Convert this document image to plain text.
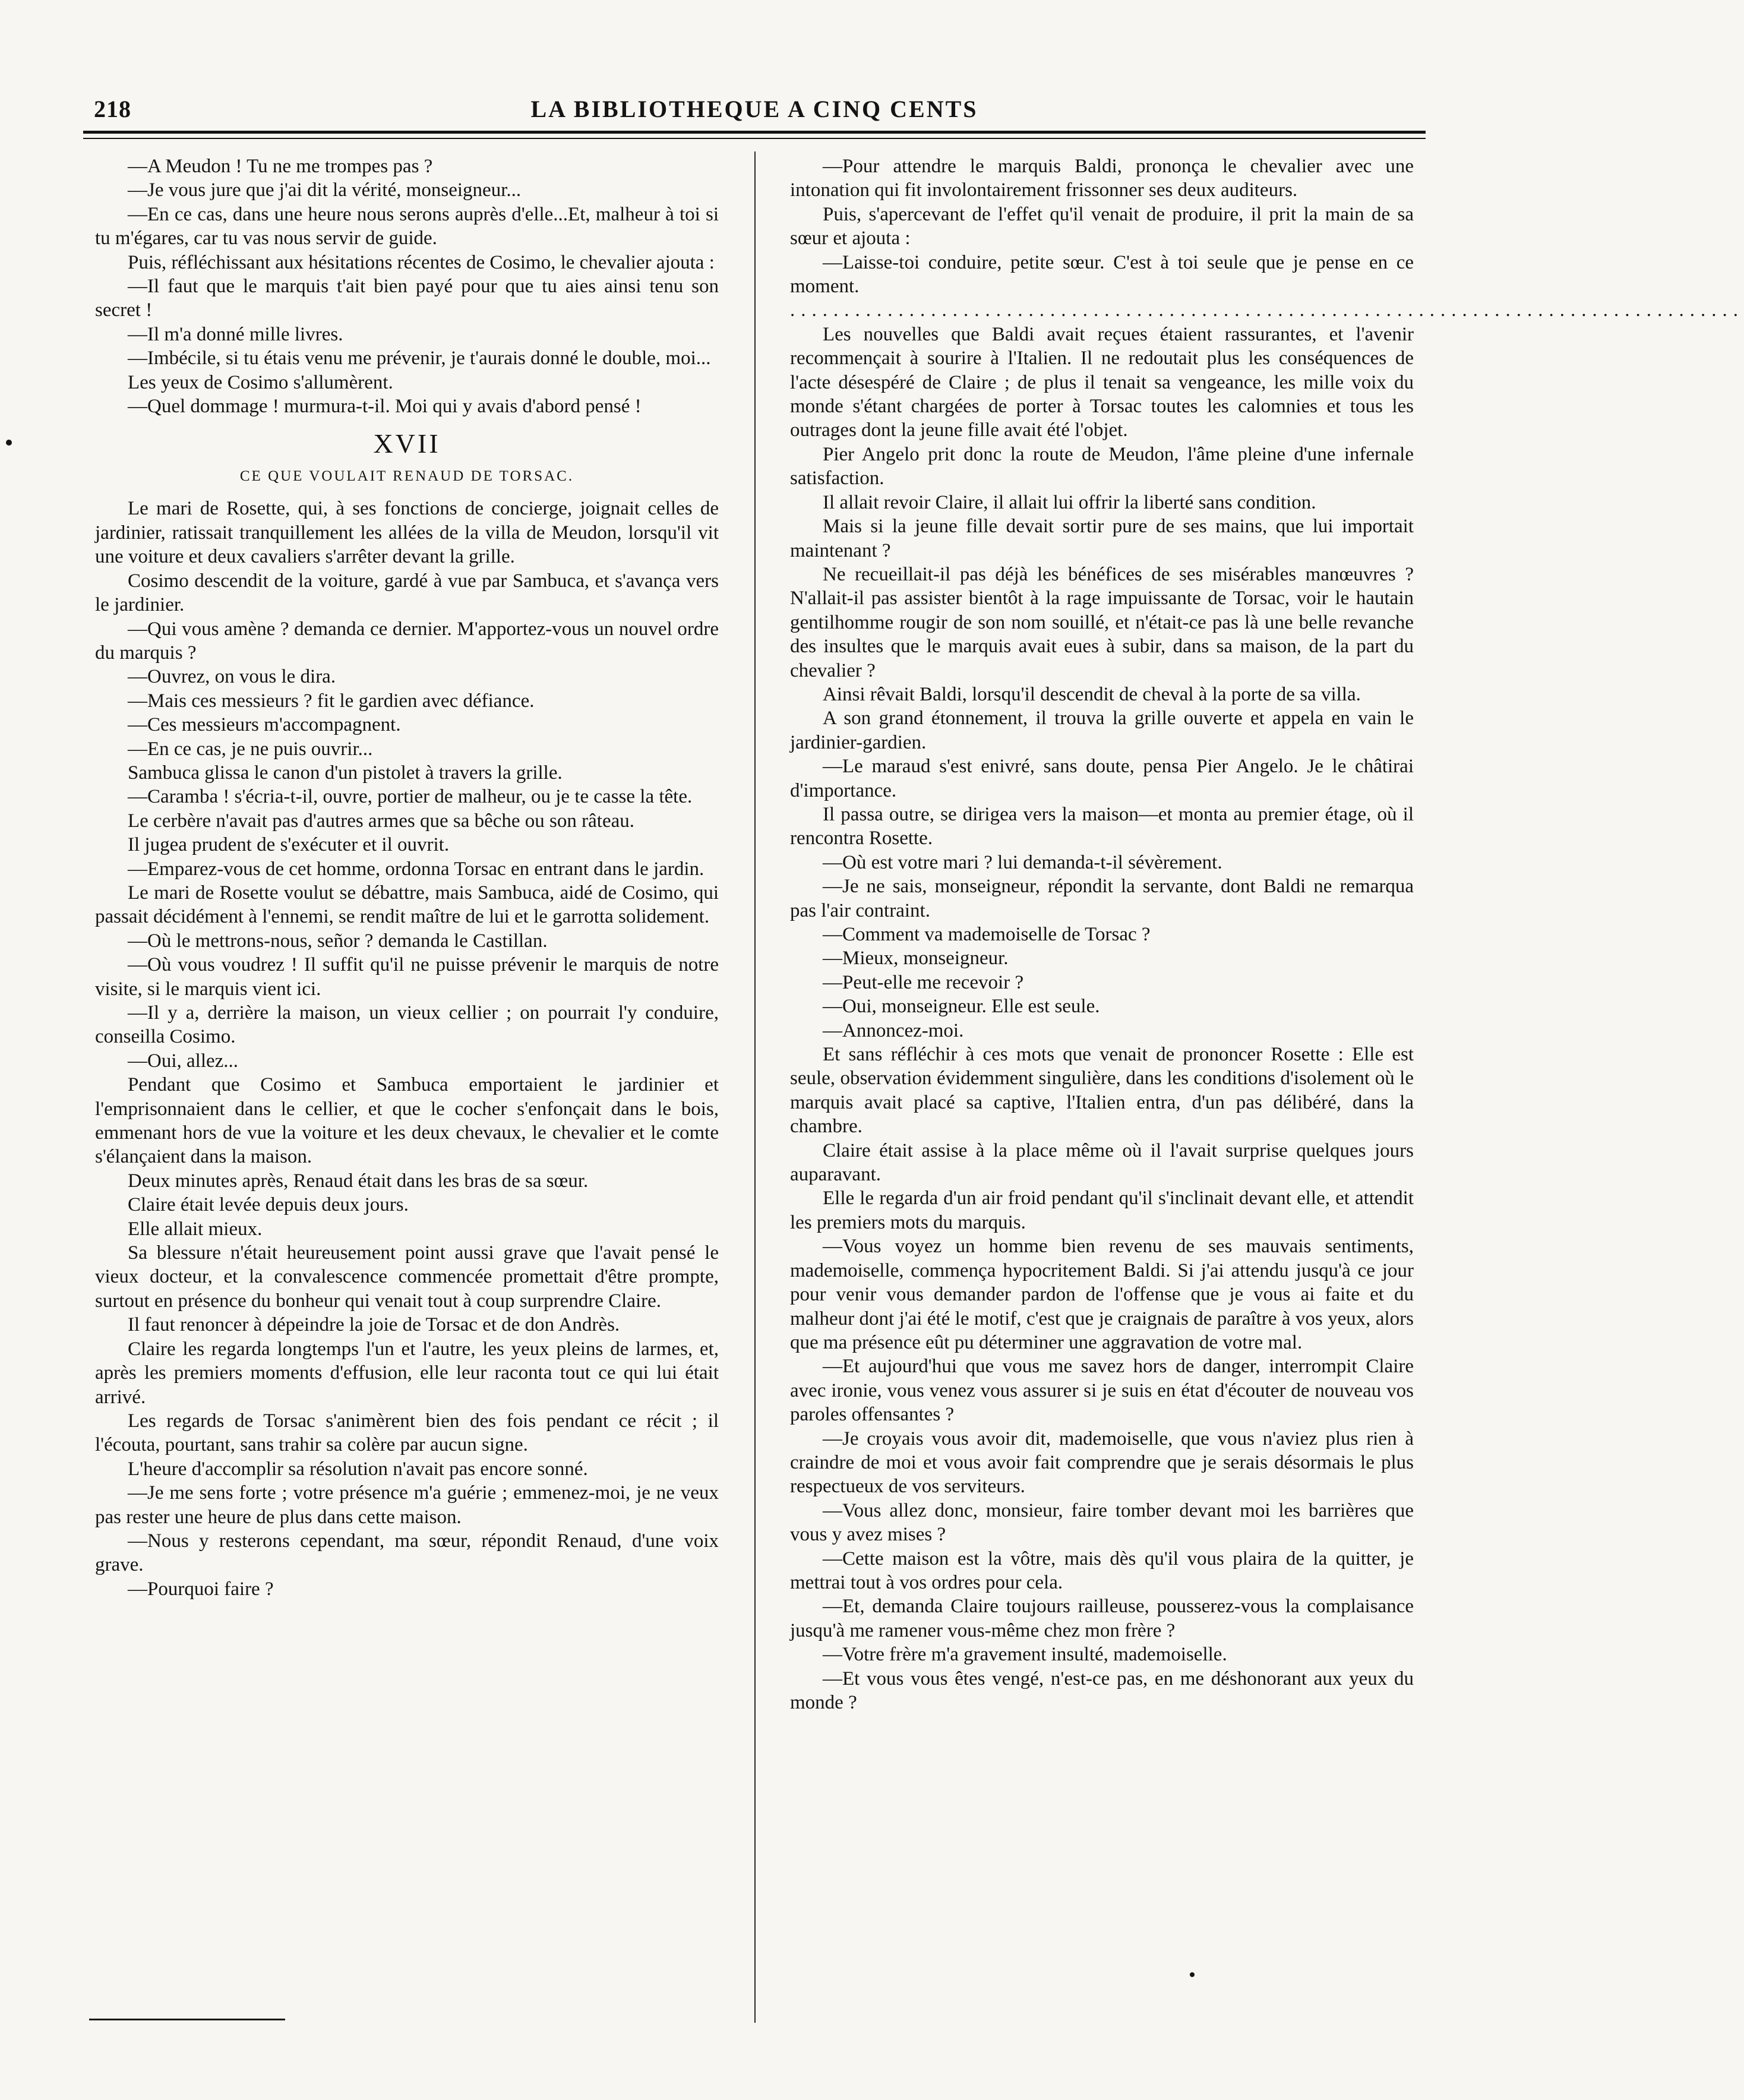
218	LA BIBLIOTHEQUE A CINQ CENTS

—A Meudon ! Tu ne me trompes pas ?

—Je vous jure que j'ai dit la vérité, monseigneur...

—En ce cas, dans une heure nous serons auprès d'elle...Et, malheur à toi si tu m'égares, car tu vas nous servir de guide.

Puis, réfléchissant aux hésitations récentes de Cosimo, le chevalier ajouta :

—Il faut que le marquis t'ait bien payé pour que tu aies ainsi tenu son secret !

—Il m'a donné mille livres.

—Imbécile, si tu étais venu me prévenir, je t'aurais donné le double, moi...

Les yeux de Cosimo s'allumèrent.

—Quel dommage ! murmura-t-il. Moi qui y avais d'abord pensé !

XVII

CE QUE VOULAIT RENAUD DE TORSAC.

Le mari de Rosette, qui, à ses fonctions de concierge, joignait celles de jardinier, ratissait tranquillement les allées de la villa de Meudon, lorsqu'il vit une voiture et deux cavaliers s'arrêter devant la grille.

Cosimo descendit de la voiture, gardé à vue par Sambuca, et s'avança vers le jardinier.

—Qui vous amène ? demanda ce dernier. M'apportez-vous un nouvel ordre du marquis ?

—Ouvrez, on vous le dira.

—Mais ces messieurs ? fit le gardien avec défiance.

—Ces messieurs m'accompagnent.

—En ce cas, je ne puis ouvrir...

Sambuca glissa le canon d'un pistolet à travers la grille.

—Caramba ! s'écria-t-il, ouvre, portier de malheur, ou je te casse la tête.

Le cerbère n'avait pas d'autres armes que sa bêche ou son râteau.

Il jugea prudent de s'exécuter et il ouvrit.

—Emparez-vous de cet homme, ordonna Torsac en entrant dans le jardin.

Le mari de Rosette voulut se débattre, mais Sambuca, aidé de Cosimo, qui passait décidément à l'ennemi, se rendit maître de lui et le garrotta solidement.

—Où le mettrons-nous, señor ? demanda le Castillan.

—Où vous voudrez ! Il suffit qu'il ne puisse prévenir le marquis de notre visite, si le marquis vient ici.

—Il y a, derrière la maison, un vieux cellier ; on pourrait l'y conduire, conseilla Cosimo.

—Oui, allez...

Pendant que Cosimo et Sambuca emportaient le jardinier et l'emprisonnaient dans le cellier, et que le cocher s'enfonçait dans le bois, emmenant hors de vue la voiture et les deux chevaux, le chevalier et le comte s'élançaient dans la maison.

Deux minutes après, Renaud était dans les bras de sa sœur.

Claire était levée depuis deux jours.

Elle allait mieux.

Sa blessure n'était heureusement point aussi grave que l'avait pensé le vieux docteur, et la convalescence commencée promettait d'être prompte, surtout en présence du bonheur qui venait tout à coup surprendre Claire.

Il faut renoncer à dépeindre la joie de Torsac et de don Andrès.

Claire les regarda longtemps l'un et l'autre, les yeux pleins de larmes, et, après les premiers moments d'effusion, elle leur raconta tout ce qui lui était arrivé.

Les regards de Torsac s'animèrent bien des fois pendant ce récit ; il l'écouta, pourtant, sans trahir sa colère par aucun signe.

L'heure d'accomplir sa résolution n'avait pas encore sonné.

—Je me sens forte ; votre présence m'a guérie ; emmenez-moi, je ne veux pas rester une heure de plus dans cette maison.

—Nous y resterons cependant, ma sœur, répondit Renaud, d'une voix grave.

—Pourquoi faire ?

—Pour attendre le marquis Baldi, prononça le chevalier avec une intonation qui fit involontairement frissonner ses deux auditeurs.

Puis, s'apercevant de l'effet qu'il venait de produire, il prit la main de sa sœur et ajouta :

—Laisse-toi conduire, petite sœur. C'est à toi seule que je pense en ce moment.

........................................................................................

Les nouvelles que Baldi avait reçues étaient rassurantes, et l'avenir recommençait à sourire à l'Italien. Il ne redoutait plus les conséquences de l'acte désespéré de Claire ; de plus il tenait sa vengeance, les mille voix du monde s'étant chargées de porter à Torsac toutes les calomnies et tous les outrages dont la jeune fille avait été l'objet.

Pier Angelo prit donc la route de Meudon, l'âme pleine d'une infernale satisfaction.

Il allait revoir Claire, il allait lui offrir la liberté sans condition.

Mais si la jeune fille devait sortir pure de ses mains, que lui importait maintenant ?

Ne recueillait-il pas déjà les bénéfices de ses misérables manœuvres ? N'allait-il pas assister bientôt à la rage impuissante de Torsac, voir le hautain gentilhomme rougir de son nom souillé, et n'était-ce pas là une belle revanche des insultes que le marquis avait eues à subir, dans sa maison, de la part du chevalier ?

Ainsi rêvait Baldi, lorsqu'il descendit de cheval à la porte de sa villa.

A son grand étonnement, il trouva la grille ouverte et appela en vain le jardinier-gardien.

—Le maraud s'est enivré, sans doute, pensa Pier Angelo. Je le châtirai d'importance.

Il passa outre, se dirigea vers la maison—et monta au premier étage, où il rencontra Rosette.

—Où est votre mari ? lui demanda-t-il sévèrement.

—Je ne sais, monseigneur, répondit la servante, dont Baldi ne remarqua pas l'air contraint.

—Comment va mademoiselle de Torsac ?

—Mieux, monseigneur.

—Peut-elle me recevoir ?

—Oui, monseigneur. Elle est seule.

—Annoncez-moi.

Et sans réfléchir à ces mots que venait de prononcer Rosette : Elle est seule, observation évidemment singulière, dans les conditions d'isolement où le marquis avait placé sa captive, l'Italien entra, d'un pas délibéré, dans la chambre.

Claire était assise à la place même où il l'avait surprise quelques jours auparavant.

Elle le regarda d'un air froid pendant qu'il s'inclinait devant elle, et attendit les premiers mots du marquis.

—Vous voyez un homme bien revenu de ses mauvais sentiments, mademoiselle, commença hypocritement Baldi. Si j'ai attendu jusqu'à ce jour pour venir vous demander pardon de l'offense que je vous ai faite et du malheur dont j'ai été le motif, c'est que je craignais de paraître à vos yeux, alors que ma présence eût pu déterminer une aggravation de votre mal.

—Et aujourd'hui que vous me savez hors de danger, interrompit Claire avec ironie, vous venez vous assurer si je suis en état d'écouter de nouveau vos paroles offensantes ?

—Je croyais vous avoir dit, mademoiselle, que vous n'aviez plus rien à craindre de moi et vous avoir fait comprendre que je serais désormais le plus respectueux de vos serviteurs.

—Vous allez donc, monsieur, faire tomber devant moi les barrières que vous y avez mises ?

—Cette maison est la vôtre, mais dès qu'il vous plaira de la quitter, je mettrai tout à vos ordres pour cela.

—Et, demanda Claire toujours railleuse, pousserez-vous la complaisance jusqu'à me ramener vous-même chez mon frère ?

—Votre frère m'a gravement insulté, mademoiselle.

—Et vous vous êtes vengé, n'est-ce pas, en me déshonorant aux yeux du monde ?
